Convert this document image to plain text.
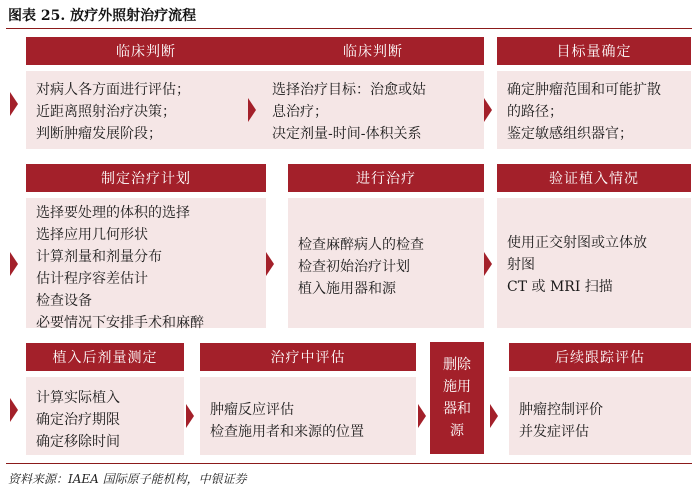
图表 25. 放疗外照射治疗流程
临床判断
对病人各方面进行评估；
近距离照射治疗决策；
判断肿瘤发展阶段；
临床判断
选择治疗目标：治愈或姑
息治疗；
决定剂量-时间-体积关系
目标量确定
确定肿瘤范围和可能扩散
的路径；
鉴定敏感组织器官；
制定治疗计划
选择要处理的体积的选择
选择应用几何形状
计算剂量和剂量分布
估计程序容差估计
检查设备
必要情况下安排手术和麻醉
进行治疗
检查麻醉病人的检查
检查初始治疗计划
植入施用器和源
验证植入情况
使用正交射图或立体放
射图
CT 或 MRI 扫描
植入后剂量测定
计算实际植入
确定治疗期限
确定移除时间
治疗中评估
肿瘤反应评估
检查施用者和来源的位置
删除
施用
器和
源
后续跟踪评估
肿瘤控制评价
并发症评估
资料来源：IAEA 国际原子能机构，中银证券
